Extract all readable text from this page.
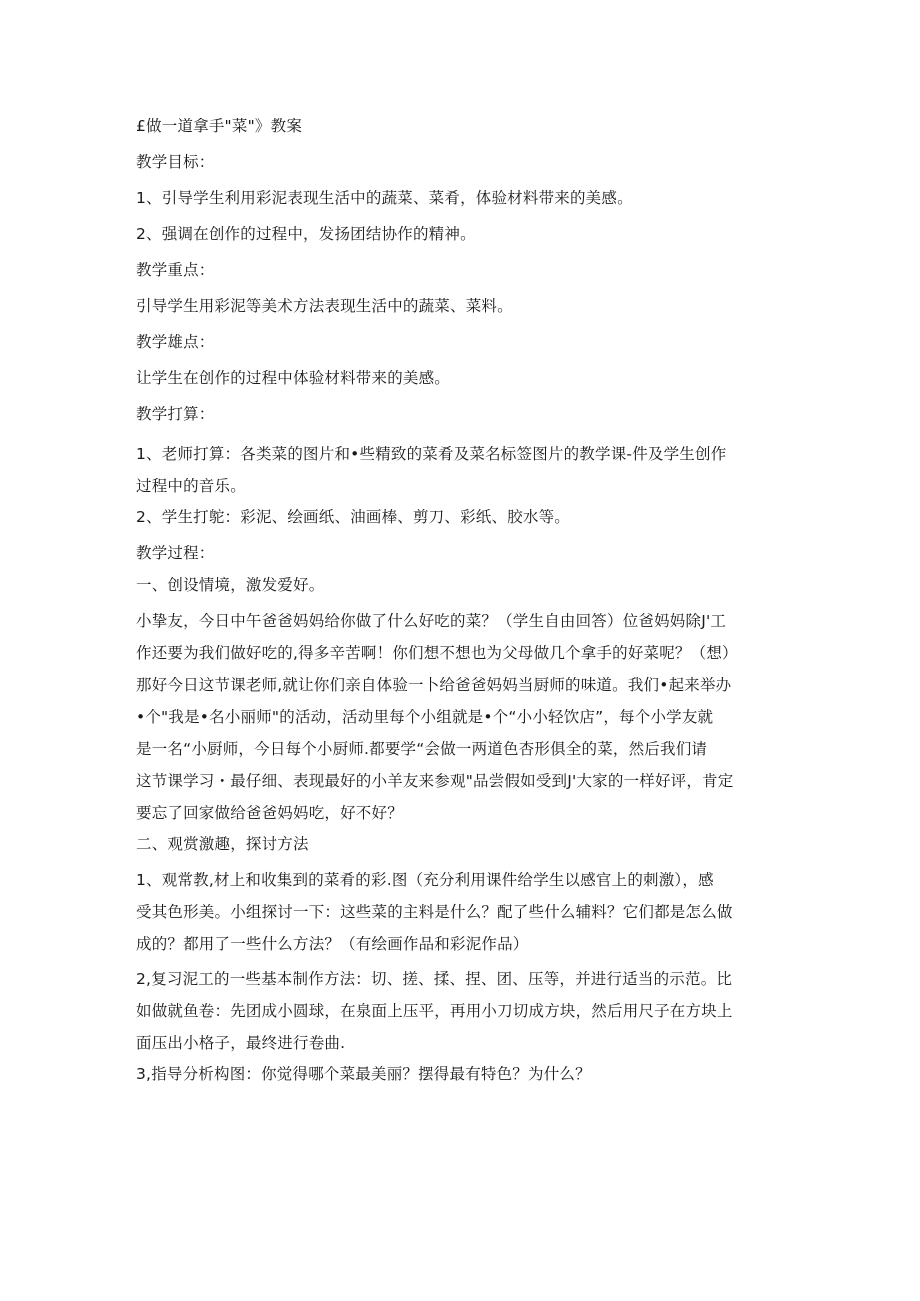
£做一道拿手"菜"》教案
教学目标：
1、引导学生利用彩泥表现生活中的蔬菜、菜肴，体验材料带来的美感。
2、强调在创作的过程中，发扬团结协作的精神。
教学重点：
引导学生用彩泥等美术方法表现生活中的蔬菜、菜料。
教学雄点：
让学生在创作的过程中体验材料带来的美感。
教学打算：
1、老师打算：各类菜的图片和•些精致的菜肴及菜名标签图片的教学课-件及学生创作
过程中的音乐。
2、学生打鸵：彩泥、绘画纸、油画棒、剪刀、彩纸、胶水等。
教学过程：
一、创设情境，激发爱好。
小挚友，今日中午爸爸妈妈给你做了什么好吃的菜？（学生自由回答）位爸妈妈除J'工
作还要为我们做好吃的,得多辛苦啊！你们想不想也为父母做几个拿手的好菜呢？（想）
那好今日这节课老师,就让你们亲自体验一卜给爸爸妈妈当厨师的味道。我们•起来举办
•个"我是•名小丽师"的活动，活动里每个小组就是•个“小小轻饮店”，每个小学友就
是一名“小厨师，今日每个小厨师.都要学“会做一两道色杏形俱全的菜，然后我们请
这节课学习・最仔细、表现最好的小羊友来参观"品尝假如受到J'大家的一样好评，肯定
要忘了回家做给爸爸妈妈吃，好不好？
二、观赏激趣，探讨方法
1、观常教,材上和收集到的菜肴的彩.图（充分利用课件给学生以感官上的刺激），感
受其色形美。小组探讨一下：这些菜的主料是什么？配了些什么辅料？它们都是怎么做
成的？都用了一些什么方法？（有绘画作品和彩泥作品）
2,复习泥工的一些基本制作方法：切、搓、揉、捏、团、压等，并进行适当的示范。比
如做就鱼卷：先团成小圆球，在泉面上压平，再用小刀切成方块，然后用尺子在方块上
面压出小格子，最终进行卷曲.
3,指导分析构图：你觉得哪个菜最美丽？摆得最有特色？为什么？
